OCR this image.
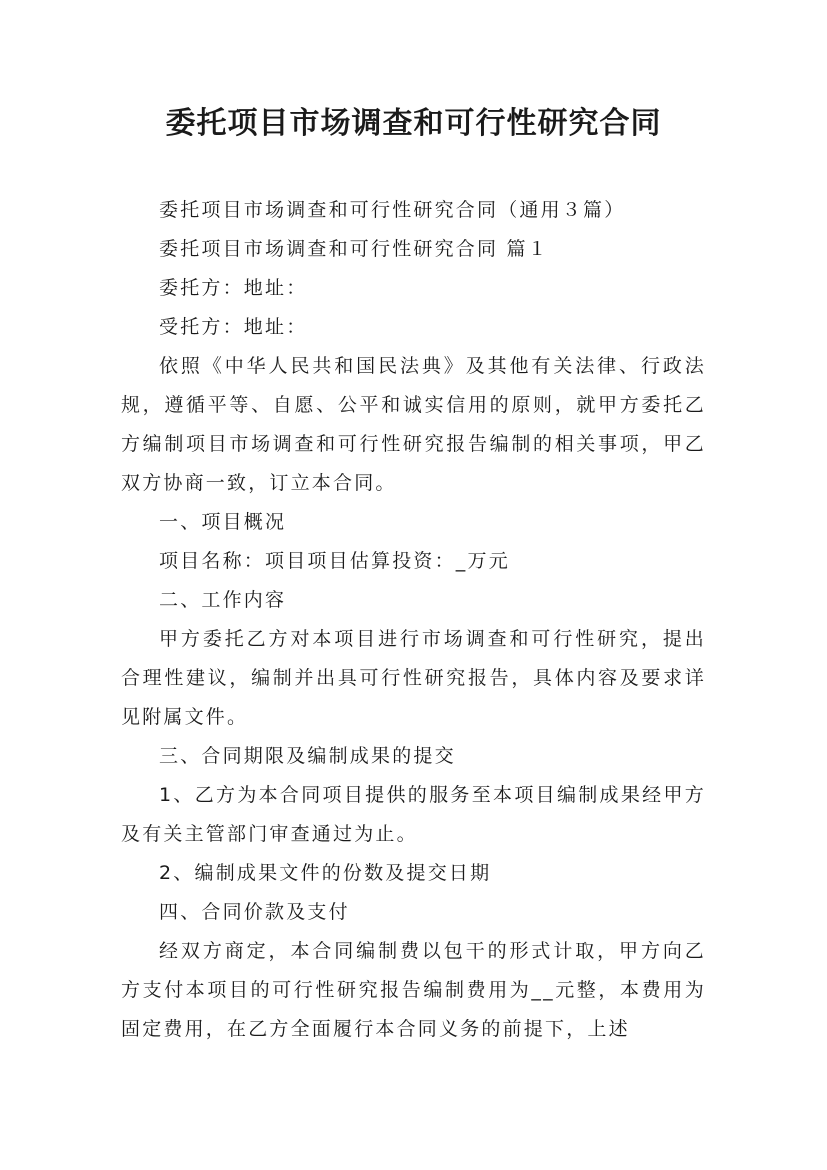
委托项目市场调查和可行性研究合同

委托项目市场调查和可行性研究合同（通用３篇）

委托项目市场调查和可行性研究合同 篇１

委托方：地址：

受托方：地址：

依照《中华人民共和国民法典》及其他有关法律、行政法规，遵循平等、自愿、公平和诚实信用的原则，就甲方委托乙方编制项目市场调查和可行性研究报告编制的相关事项，甲乙双方协商一致，订立本合同。

一、项目概况

项目名称：项目项目估算投资：_万元

二、工作内容

甲方委托乙方对本项目进行市场调查和可行性研究，提出合理性建议，编制并出具可行性研究报告，具体内容及要求详见附属文件。

三、合同期限及编制成果的提交

1、乙方为本合同项目提供的服务至本项目编制成果经甲方及有关主管部门审查通过为止。

2、编制成果文件的份数及提交日期

四、合同价款及支付

经双方商定，本合同编制费以包干的形式计取，甲方向乙方支付本项目的可行性研究报告编制费用为__元整，本费用为固定费用，在乙方全面履行本合同义务的前提下，上述
